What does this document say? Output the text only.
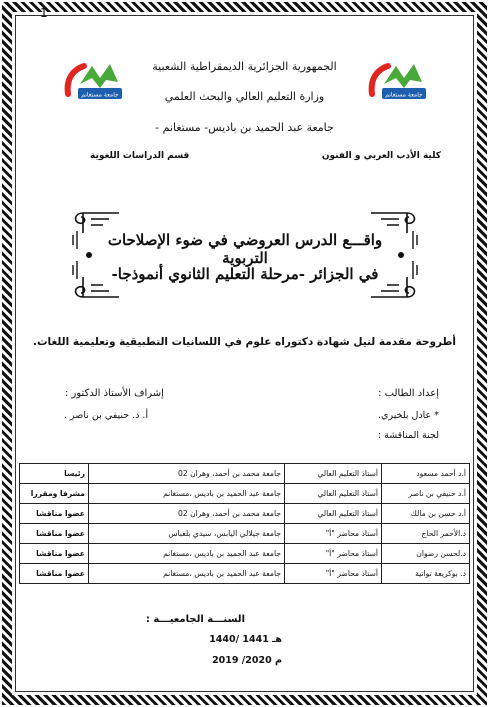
1
جامعة مستغانم	جامعة مستغانم
الجمهورية الجزائرية الديمقراطية الشعبية
وزارة التعليم العالي والبحث العلمي
جامعة عبد الحميد بن باديس- مستغانم -
كلية الأدب العربي و الفنون
قسم الدراسات اللغوية
واقـــع الدرس العروضي في ضوء الإصلاحات التربوية
في الجزائر -مرحلة التعليم الثانوي أنموذجا-
أطروحة مقدمة لنيل شهادة دكتوراه علوم في اللسانيات التطبيقية وتعليمية اللغات.
إعداد الطالب :
إشراف الأستاذ الدكتور :
* عادل بلخيري.
أ. د. حنيفي بن ناصر .
لجنة المناقشة :
أ.د أحمد مسعود	أستاذ التعليم العالي	جامعة محمد بن أحمد، وهران 02	رئيسا
أ.د حنيفي بن ناصر	أستاذ التعليم العالي	جامعة عبد الحميد بن باديس ،مستغانم	مشرفا ومقررا
أ.د حسن بن مالك	أستاذ التعليم العالي	جامعة محمد بن أحمد، وهران 02	عضوا مناقشا
د.الأحمر الحاج	أستاذ محاضر "أ"	جامعة جيلالي اليابس، سيدي بلعباس	عضوا مناقشا
د.لحسن رضوان	أستاذ محاضر "أ"	جامعة عبد الحميد بن باديس ،مستغانم	عضوا مناقشا
د. بوكريعة تواتية	أستاذ محاضر "أ"	جامعة عبد الحميد بن باديس ،مستغانم	عضوا مناقشا
السنـــة الجامعيـــة :
1440/ 1441 هـ
2019 /2020 م
